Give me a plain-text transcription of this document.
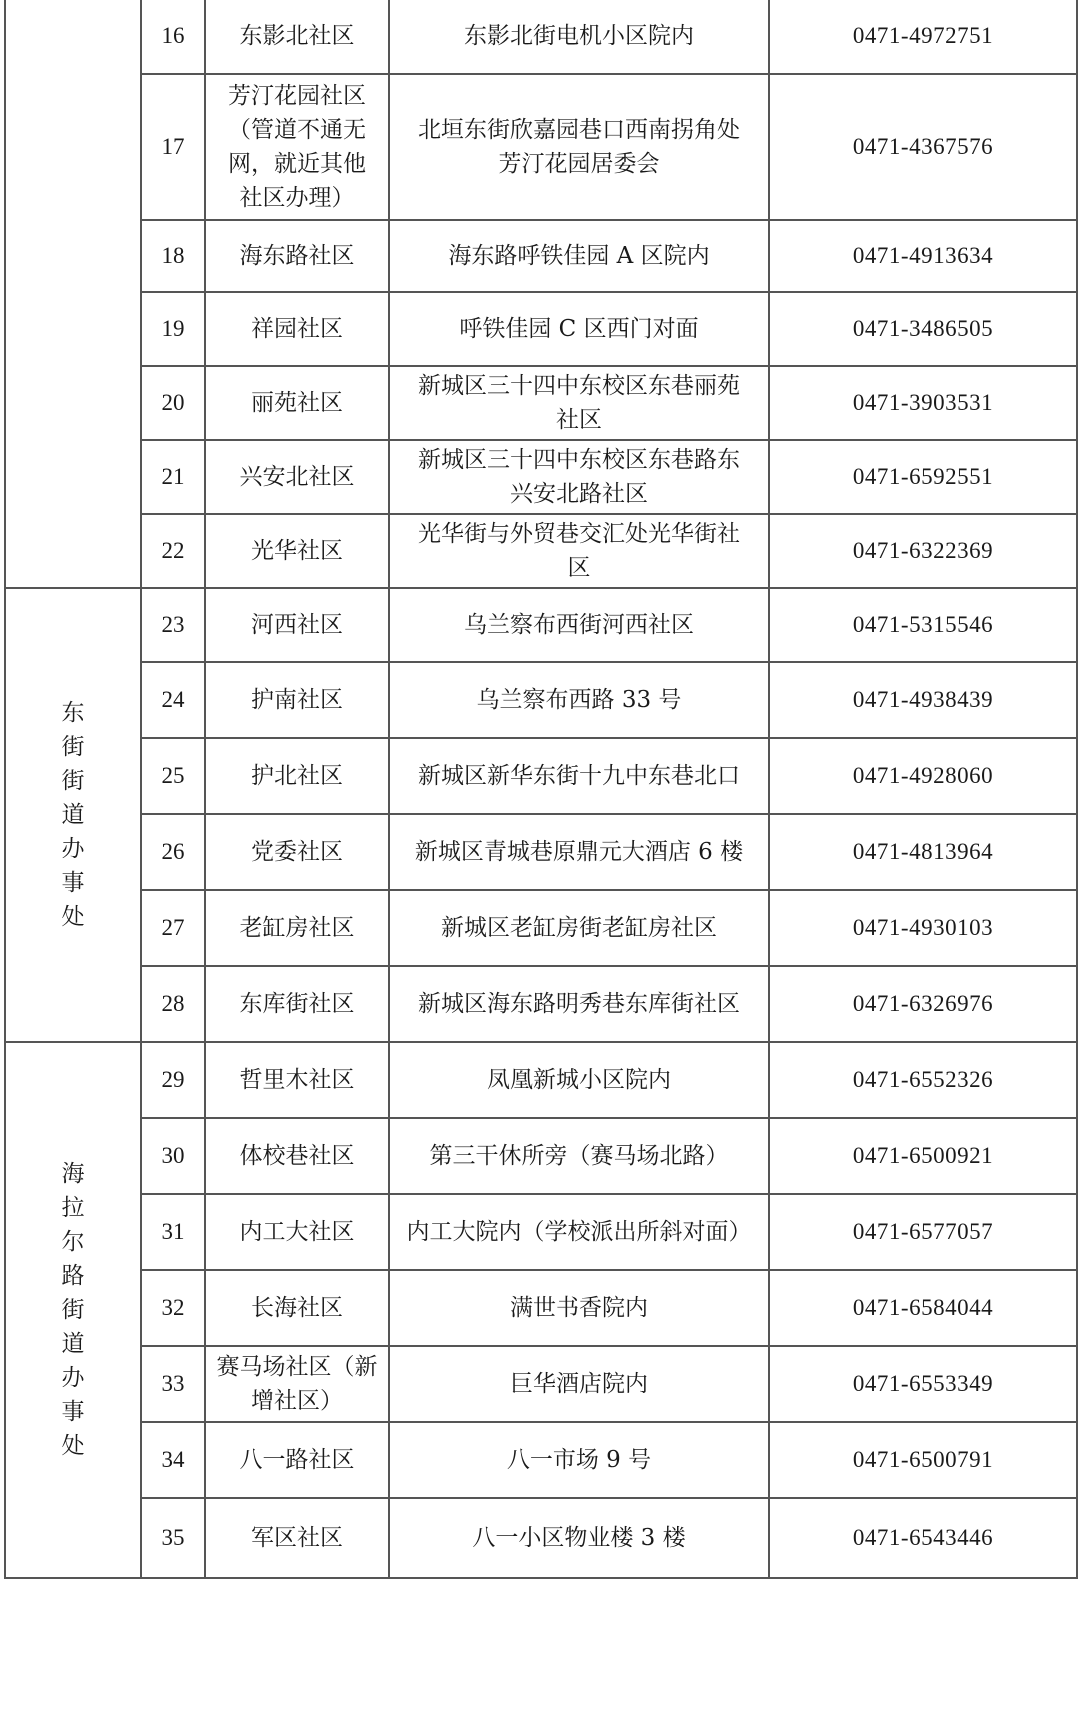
	16	东影北社区	东影北街电机小区院内	0471-4972751
	17	芳汀花园社区（管道不通无网，就近其他社区办理）	北垣东街欣嘉园巷口西南拐角处芳汀花园居委会	0471-4367576
	18	海东路社区	海东路呼铁佳园 A 区院内	0471-4913634
	19	祥园社区	呼铁佳园 C 区西门对面	0471-3486505
	20	丽苑社区	新城区三十四中东校区东巷丽苑社区	0471-3903531
	21	兴安北社区	新城区三十四中东校区东巷路东兴安北路社区	0471-6592551
	22	光华社区	光华街与外贸巷交汇处光华街社区	0471-6322369
东街街道办事处	23	河西社区	乌兰察布西街河西社区	0471-5315546
	24	护南社区	乌兰察布西路 33 号	0471-4938439
	25	护北社区	新城区新华东街十九中东巷北口	0471-4928060
	26	党委社区	新城区青城巷原鼎元大酒店 6 楼	0471-4813964
	27	老缸房社区	新城区老缸房街老缸房社区	0471-4930103
	28	东库街社区	新城区海东路明秀巷东库街社区	0471-6326976
海拉尔路街道办事处	29	哲里木社区	凤凰新城小区院内	0471-6552326
	30	体校巷社区	第三干休所旁（赛马场北路）	0471-6500921
	31	内工大社区	内工大院内（学校派出所斜对面）	0471-6577057
	32	长海社区	满世书香院内	0471-6584044
	33	赛马场社区（新增社区）	巨华酒店院内	0471-6553349
	34	八一路社区	八一市场 9 号	0471-6500791
	35	军区社区	八一小区物业楼 3 楼	0471-6543446
